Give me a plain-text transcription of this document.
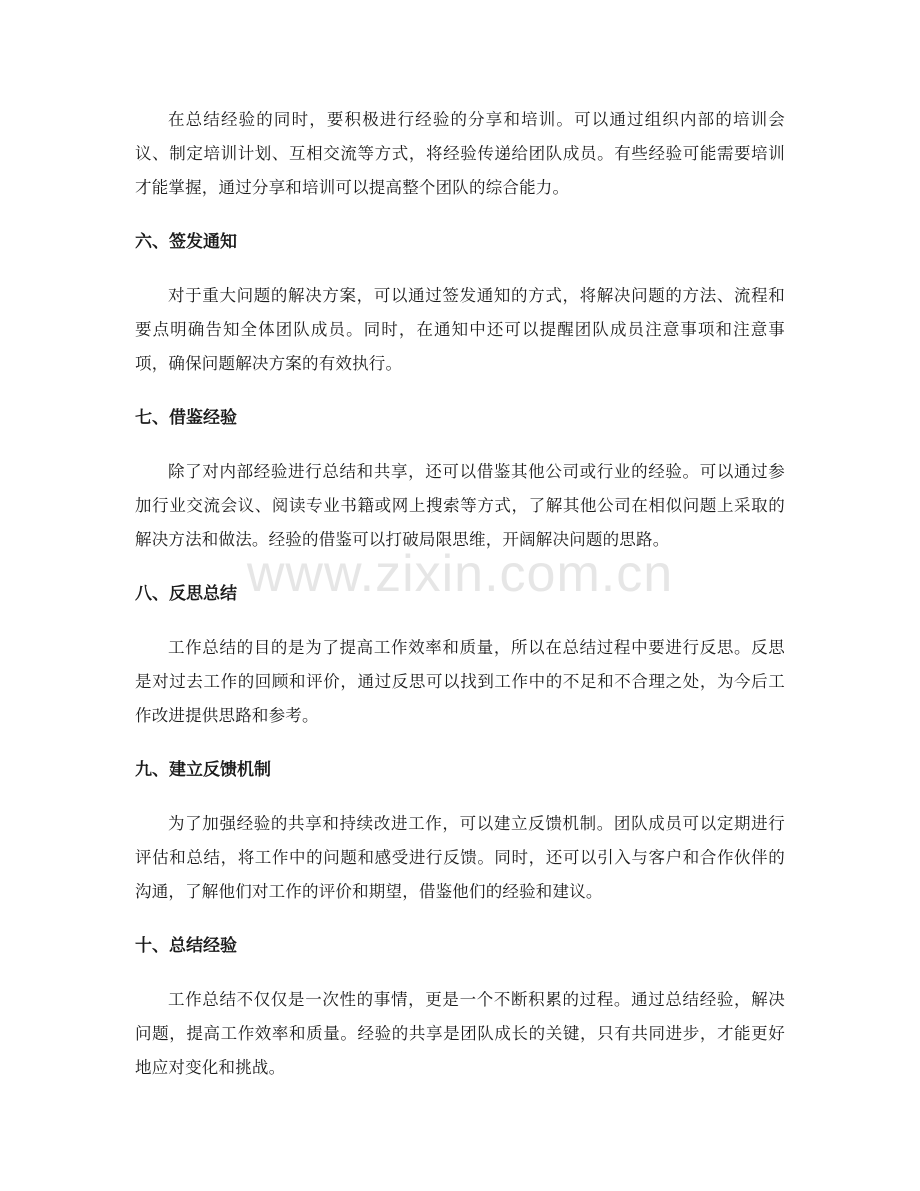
在总结经验的同时，要积极进行经验的分享和培训。可以通过组织内部的培训会议、制定培训计划、互相交流等方式，将经验传递给团队成员。有些经验可能需要培训才能掌握，通过分享和培训可以提高整个团队的综合能力。

六、签发通知

对于重大问题的解决方案，可以通过签发通知的方式，将解决问题的方法、流程和要点明确告知全体团队成员。同时，在通知中还可以提醒团队成员注意事项和注意事项，确保问题解决方案的有效执行。

七、借鉴经验

除了对内部经验进行总结和共享，还可以借鉴其他公司或行业的经验。可以通过参加行业交流会议、阅读专业书籍或网上搜索等方式，了解其他公司在相似问题上采取的解决方法和做法。经验的借鉴可以打破局限思维，开阔解决问题的思路。

八、反思总结

工作总结的目的是为了提高工作效率和质量，所以在总结过程中要进行反思。反思是对过去工作的回顾和评价，通过反思可以找到工作中的不足和不合理之处，为今后工作改进提供思路和参考。

九、建立反馈机制

为了加强经验的共享和持续改进工作，可以建立反馈机制。团队成员可以定期进行评估和总结，将工作中的问题和感受进行反馈。同时，还可以引入与客户和合作伙伴的沟通，了解他们对工作的评价和期望，借鉴他们的经验和建议。

十、总结经验

工作总结不仅仅是一次性的事情，更是一个不断积累的过程。通过总结经验，解决问题，提高工作效率和质量。经验的共享是团队成长的关键，只有共同进步，才能更好地应对变化和挑战。

www.zixin.com.cn
